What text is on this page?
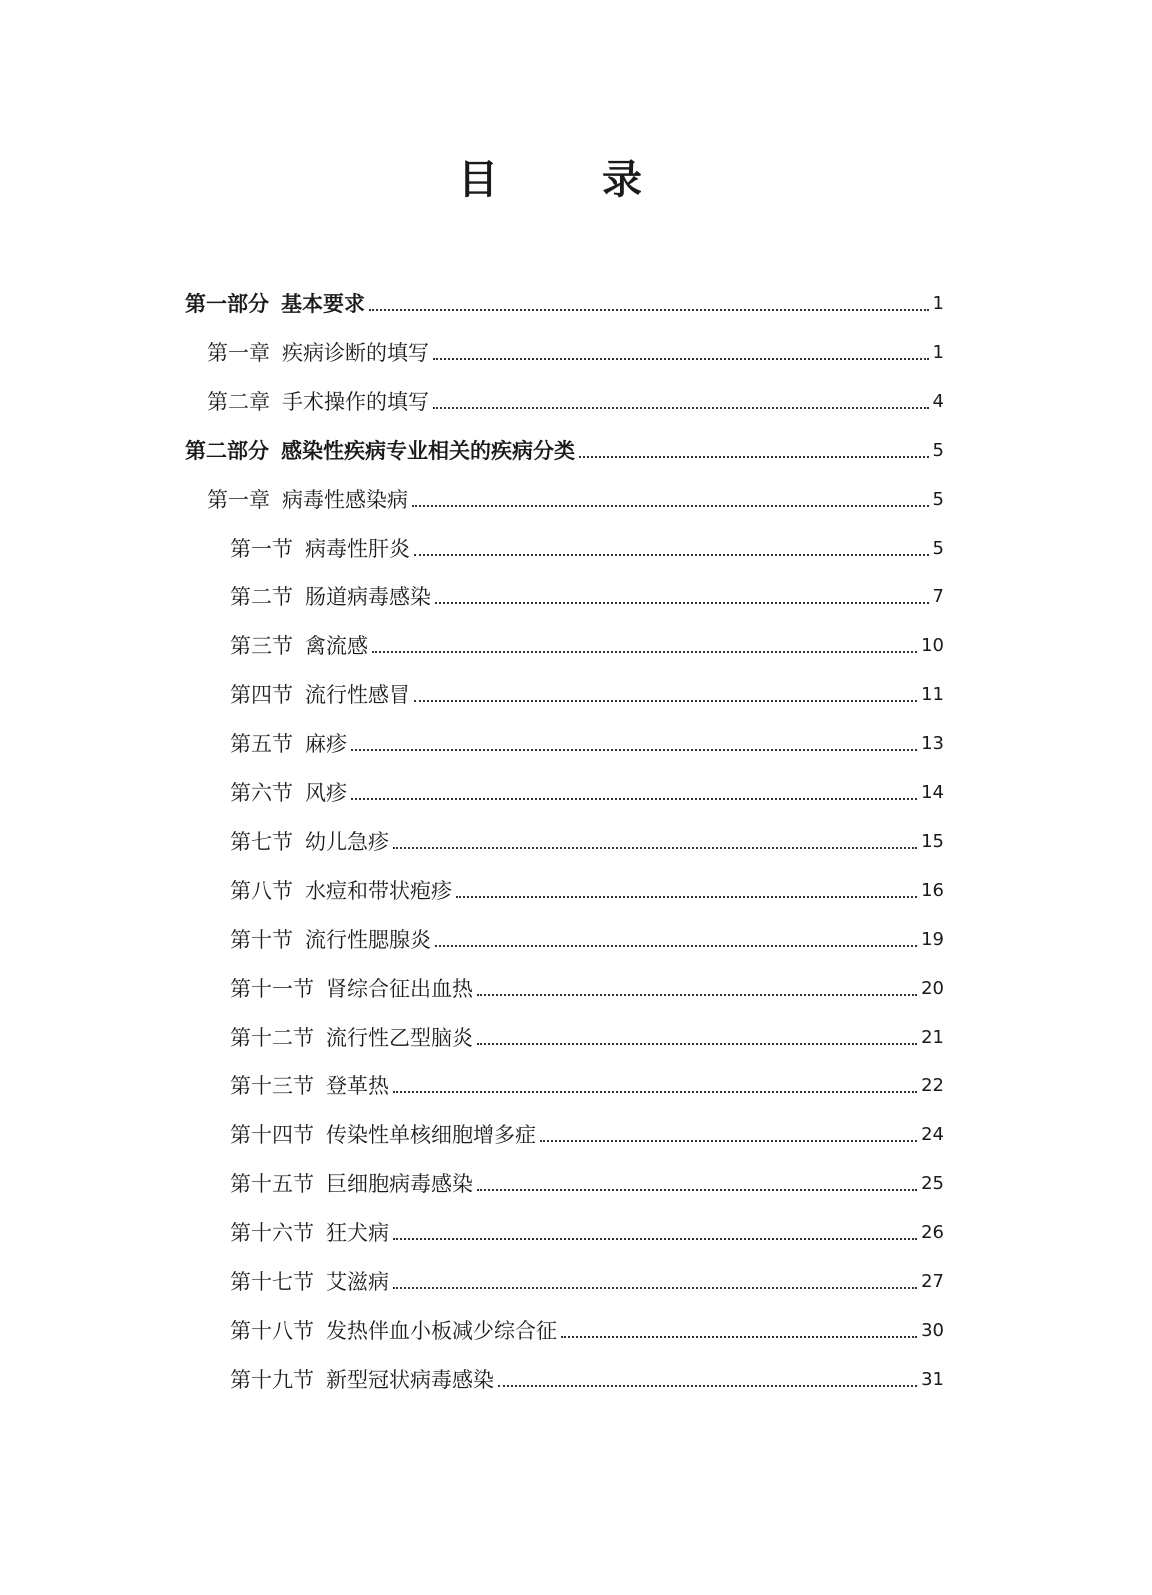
目　录
第一部分 基本要求	1
第一章 疾病诊断的填写	1
第二章 手术操作的填写	4
第二部分 感染性疾病专业相关的疾病分类	5
第一章 病毒性感染病	5
第一节 病毒性肝炎	5
第二节 肠道病毒感染	7
第三节 禽流感	10
第四节 流行性感冒	11
第五节 麻疹	13
第六节 风疹	14
第七节 幼儿急疹	15
第八节 水痘和带状疱疹	16
第十节 流行性腮腺炎	19
第十一节 肾综合征出血热	20
第十二节 流行性乙型脑炎	21
第十三节 登革热	22
第十四节 传染性单核细胞增多症	24
第十五节 巨细胞病毒感染	25
第十六节 狂犬病	26
第十七节 艾滋病	27
第十八节 发热伴血小板减少综合征	30
第十九节 新型冠状病毒感染	31
